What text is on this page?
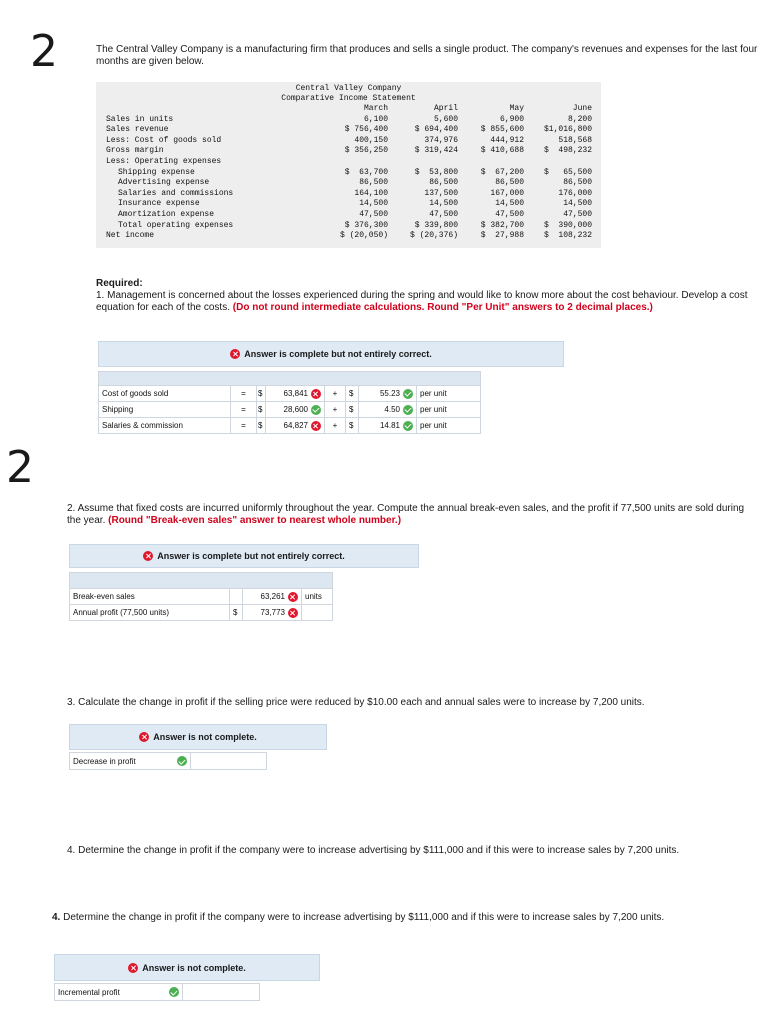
2
2
The Central Valley Company is a manufacturing firm that produces and sells a single product. The company's revenues and expenses for the last four months are given below.
Central Valley Company
Comparative Income Statement
March	April	May	June
Sales in units	6,100	5,600	6,900	8,200
Sales revenue	$ 756,400	$ 694,400	$ 855,600	$1,016,800
Less: Cost of goods sold	400,150	374,976	444,912	518,568
Gross margin	$ 356,250	$ 319,424	$ 410,688	$  498,232
Less: Operating expenses
Shipping expense	$  63,700	$  53,800	$  67,200	$   65,500
Advertising expense	86,500	86,500	86,500	86,500
Salaries and commissions	164,100	137,500	167,000	176,000
Insurance expense	14,500	14,500	14,500	14,500
Amortization expense	47,500	47,500	47,500	47,500
Total operating expenses	$ 376,300	$ 339,800	$ 382,700	$  390,000
Net income	$ (20,050)	$ (20,376)	$  27,988	$  108,232
Required:
1. Management is concerned about the losses experienced during the spring and would like to know more about the cost behaviour. Develop a cost equation for each of the costs. (Do not round intermediate calculations. Round "Per Unit" answers to 2 decimal places.)
Answer is complete but not entirely correct.
Cost of goods sold	=	$	63,841	+	$	55.23	per unit
Shipping	=	$	28,600	+	$	4.50	per unit
Salaries & commission	=	$	64,827	+	$	14.81	per unit
2. Assume that fixed costs are incurred uniformly throughout the year. Compute the annual break-even sales, and the profit if 77,500 units are sold during the year. (Round "Break-even sales" answer to nearest whole number.)
Answer is complete but not entirely correct.
Break-even sales	63,261	units
Annual profit (77,500 units)	$	73,773
3. Calculate the change in profit if the selling price were reduced by $10.00 each and annual sales were to increase by 7,200 units.
Answer is not complete.
Decrease in profit
4. Determine the change in profit if the company were to increase advertising by $111,000 and if this were to increase sales by 7,200 units.
4. Determine the change in profit if the company were to increase advertising by $111,000 and if this were to increase sales by 7,200 units.
Answer is not complete.
Incremental profit
